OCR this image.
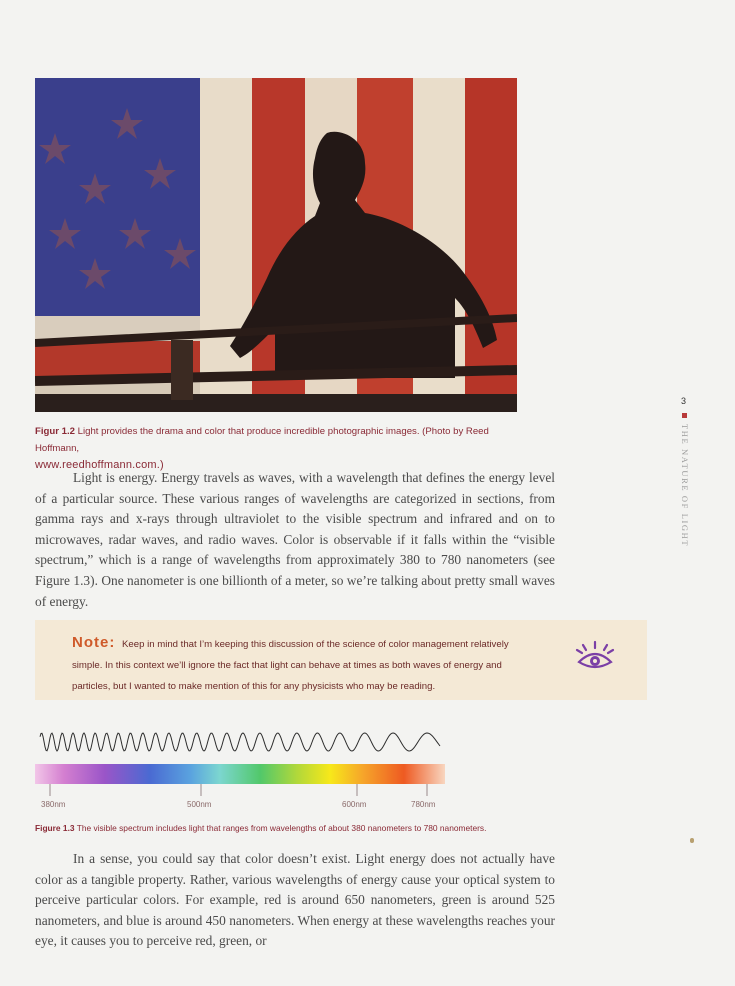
Figur 1.2 Light provides the drama and color that produce incredible photographic images. (Photo by Reed Hoffmann,
www.reedhoffmann.com.)

Light is energy. Energy travels as waves, with a wavelength that defines the energy level of a particular source. These various ranges of wavelengths are categorized in sections, from gamma rays and x-rays through ultraviolet to the visible spectrum and infrared and on to microwaves, radar waves, and radio waves. Color is observable if it falls within the “visible spectrum,” which is a range of wavelengths from approximately 380 to 780 nanometers (see Figure 1.3). One nanometer is one billionth of a meter, so we’re talking about pretty small waves of energy.

3
THE NATURE OF LIGHT
Note: Keep in mind that I’m keeping this discussion of the science of color management relatively simple. In this context we’ll ignore the fact that light can behave at times as both waves of energy and particles, but I wanted to make mention of this for any physicists who may be reading.
380nm	500nm	600nm	780nm
Figure 1.3 The visible spectrum includes light that ranges from wavelengths of about 380 nanometers to 780 nanometers.

In a sense, you could say that color doesn’t exist. Light energy does not actually have color as a tangible property. Rather, various wavelengths of energy cause your optical system to perceive particular colors. For example, red is around 650 nanometers, green is around 525 nanometers, and blue is around 450 nanometers. When energy at these wavelengths reaches your eye, it causes you to perceive red, green, or
